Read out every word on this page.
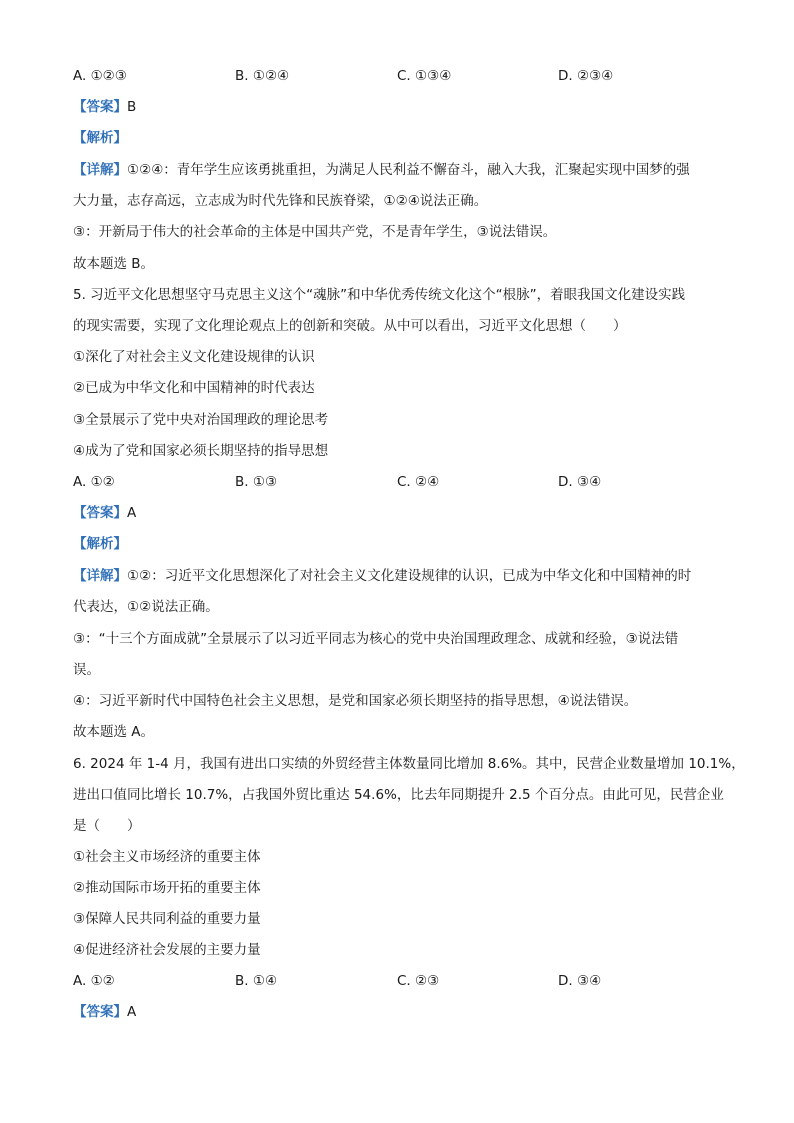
A. ①②③	B. ①②④	C. ①③④	D. ②③④
【答案】B
【解析】
【详解】①②④：青年学生应该勇挑重担，为满足人民利益不懈奋斗，融入大我，汇聚起实现中国梦的强
大力量，志存高远，立志成为时代先锋和民族脊梁，①②④说法正确。
③：开新局于伟大的社会革命的主体是中国共产党，不是青年学生，③说法错误。
故本题选 B。
5. 习近平文化思想坚守马克思主义这个“魂脉”和中华优秀传统文化这个“根脉”，着眼我国文化建设实践
的现实需要，实现了文化理论观点上的创新和突破。从中可以看出，习近平文化思想（　　）
①深化了对社会主义文化建设规律的认识
②已成为中华文化和中国精神的时代表达
③全景展示了党中央对治国理政的理论思考
④成为了党和国家必须长期坚持的指导思想
A. ①②	B. ①③	C. ②④	D. ③④
【答案】A
【解析】
【详解】①②：习近平文化思想深化了对社会主义文化建设规律的认识，已成为中华文化和中国精神的时
代表达，①②说法正确。
③：“十三个方面成就”全景展示了以习近平同志为核心的党中央治国理政理念、成就和经验，③说法错
误。
④：习近平新时代中国特色社会主义思想，是党和国家必须长期坚持的指导思想，④说法错误。
故本题选 A。
6. 2024 年 1-4 月，我国有进出口实绩的外贸经营主体数量同比增加 8.6%。其中，民营企业数量增加 10.1%，
进出口值同比增长 10.7%，占我国外贸比重达 54.6%，比去年同期提升 2.5 个百分点。由此可见，民营企业
是（　　）
①社会主义市场经济的重要主体
②推动国际市场开拓的重要主体
③保障人民共同利益的重要力量
④促进经济社会发展的主要力量
A. ①②	B. ①④	C. ②③	D. ③④
【答案】A
